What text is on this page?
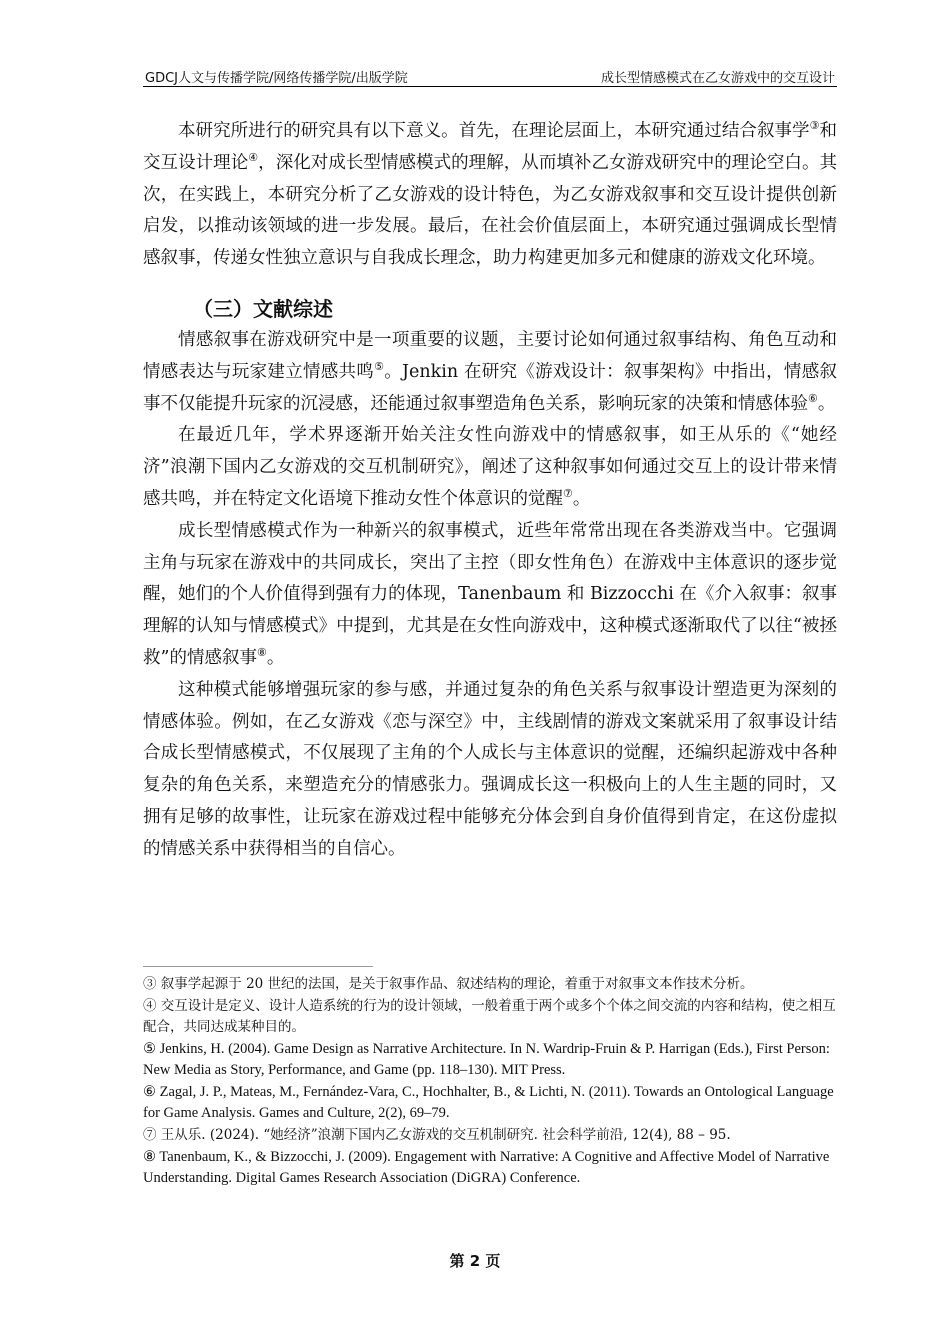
GDCJ人文与传播学院/网络传播学院/出版学院	成长型情感模式在乙女游戏中的交互设计

本研究所进行的研究具有以下意义。首先，在理论层面上，本研究通过结合叙事学③和交互设计理论④，深化对成长型情感模式的理解，从而填补乙女游戏研究中的理论空白。其次，在实践上，本研究分析了乙女游戏的设计特色，为乙女游戏叙事和交互设计提供创新启发，以推动该领域的进一步发展。最后，在社会价值层面上，本研究通过强调成长型情感叙事，传递女性独立意识与自我成长理念，助力构建更加多元和健康的游戏文化环境。

（三）文献综述

情感叙事在游戏研究中是一项重要的议题，主要讨论如何通过叙事结构、角色互动和情感表达与玩家建立情感共鸣⑤。Jenkin 在研究《游戏设计：叙事架构》中指出，情感叙事不仅能提升玩家的沉浸感，还能通过叙事塑造角色关系，影响玩家的决策和情感体验⑥。

在最近几年，学术界逐渐开始关注女性向游戏中的情感叙事，如王从乐的《“她经济”浪潮下国内乙女游戏的交互机制研究》，阐述了这种叙事如何通过交互上的设计带来情感共鸣，并在特定文化语境下推动女性个体意识的觉醒⑦。

成长型情感模式作为一种新兴的叙事模式，近些年常常出现在各类游戏当中。它强调主角与玩家在游戏中的共同成长，突出了主控（即女性角色）在游戏中主体意识的逐步觉醒，她们的个人价值得到强有力的体现，Tanenbaum 和 Bizzocchi 在《介入叙事：叙事理解的认知与情感模式》中提到，尤其是在女性向游戏中，这种模式逐渐取代了以往“被拯救”的情感叙事⑧。

这种模式能够增强玩家的参与感，并通过复杂的角色关系与叙事设计塑造更为深刻的情感体验。例如，在乙女游戏《恋与深空》中，主线剧情的游戏文案就采用了叙事设计结合成长型情感模式，不仅展现了主角的个人成长与主体意识的觉醒，还编织起游戏中各种复杂的角色关系，来塑造充分的情感张力。强调成长这一积极向上的人生主题的同时，又拥有足够的故事性，让玩家在游戏过程中能够充分体会到自身价值得到肯定，在这份虚拟的情感关系中获得相当的自信心。

③ 叙事学起源于 20 世纪的法国，是关于叙事作品、叙述结构的理论，着重于对叙事文本作技术分析。
④ 交互设计是定义、设计人造系统的行为的设计领域，一般着重于两个或多个个体之间交流的内容和结构，使之相互配合，共同达成某种目的。
⑤ Jenkins, H. (2004). Game Design as Narrative Architecture. In N. Wardrip-Fruin & P. Harrigan (Eds.), First Person: New Media as Story, Performance, and Game (pp. 118–130). MIT Press.
⑥ Zagal, J. P., Mateas, M., Fernández-Vara, C., Hochhalter, B., & Lichti, N. (2011). Towards an Ontological Language for Game Analysis. Games and Culture, 2(2), 69–79.
⑦ 王从乐. (2024). “她经济”浪潮下国内乙女游戏的交互机制研究. 社会科学前沿, 12(4), 88 – 95.
⑧ Tanenbaum, K., & Bizzocchi, J. (2009). Engagement with Narrative: A Cognitive and Affective Model of Narrative Understanding. Digital Games Research Association (DiGRA) Conference.
第 2 页
